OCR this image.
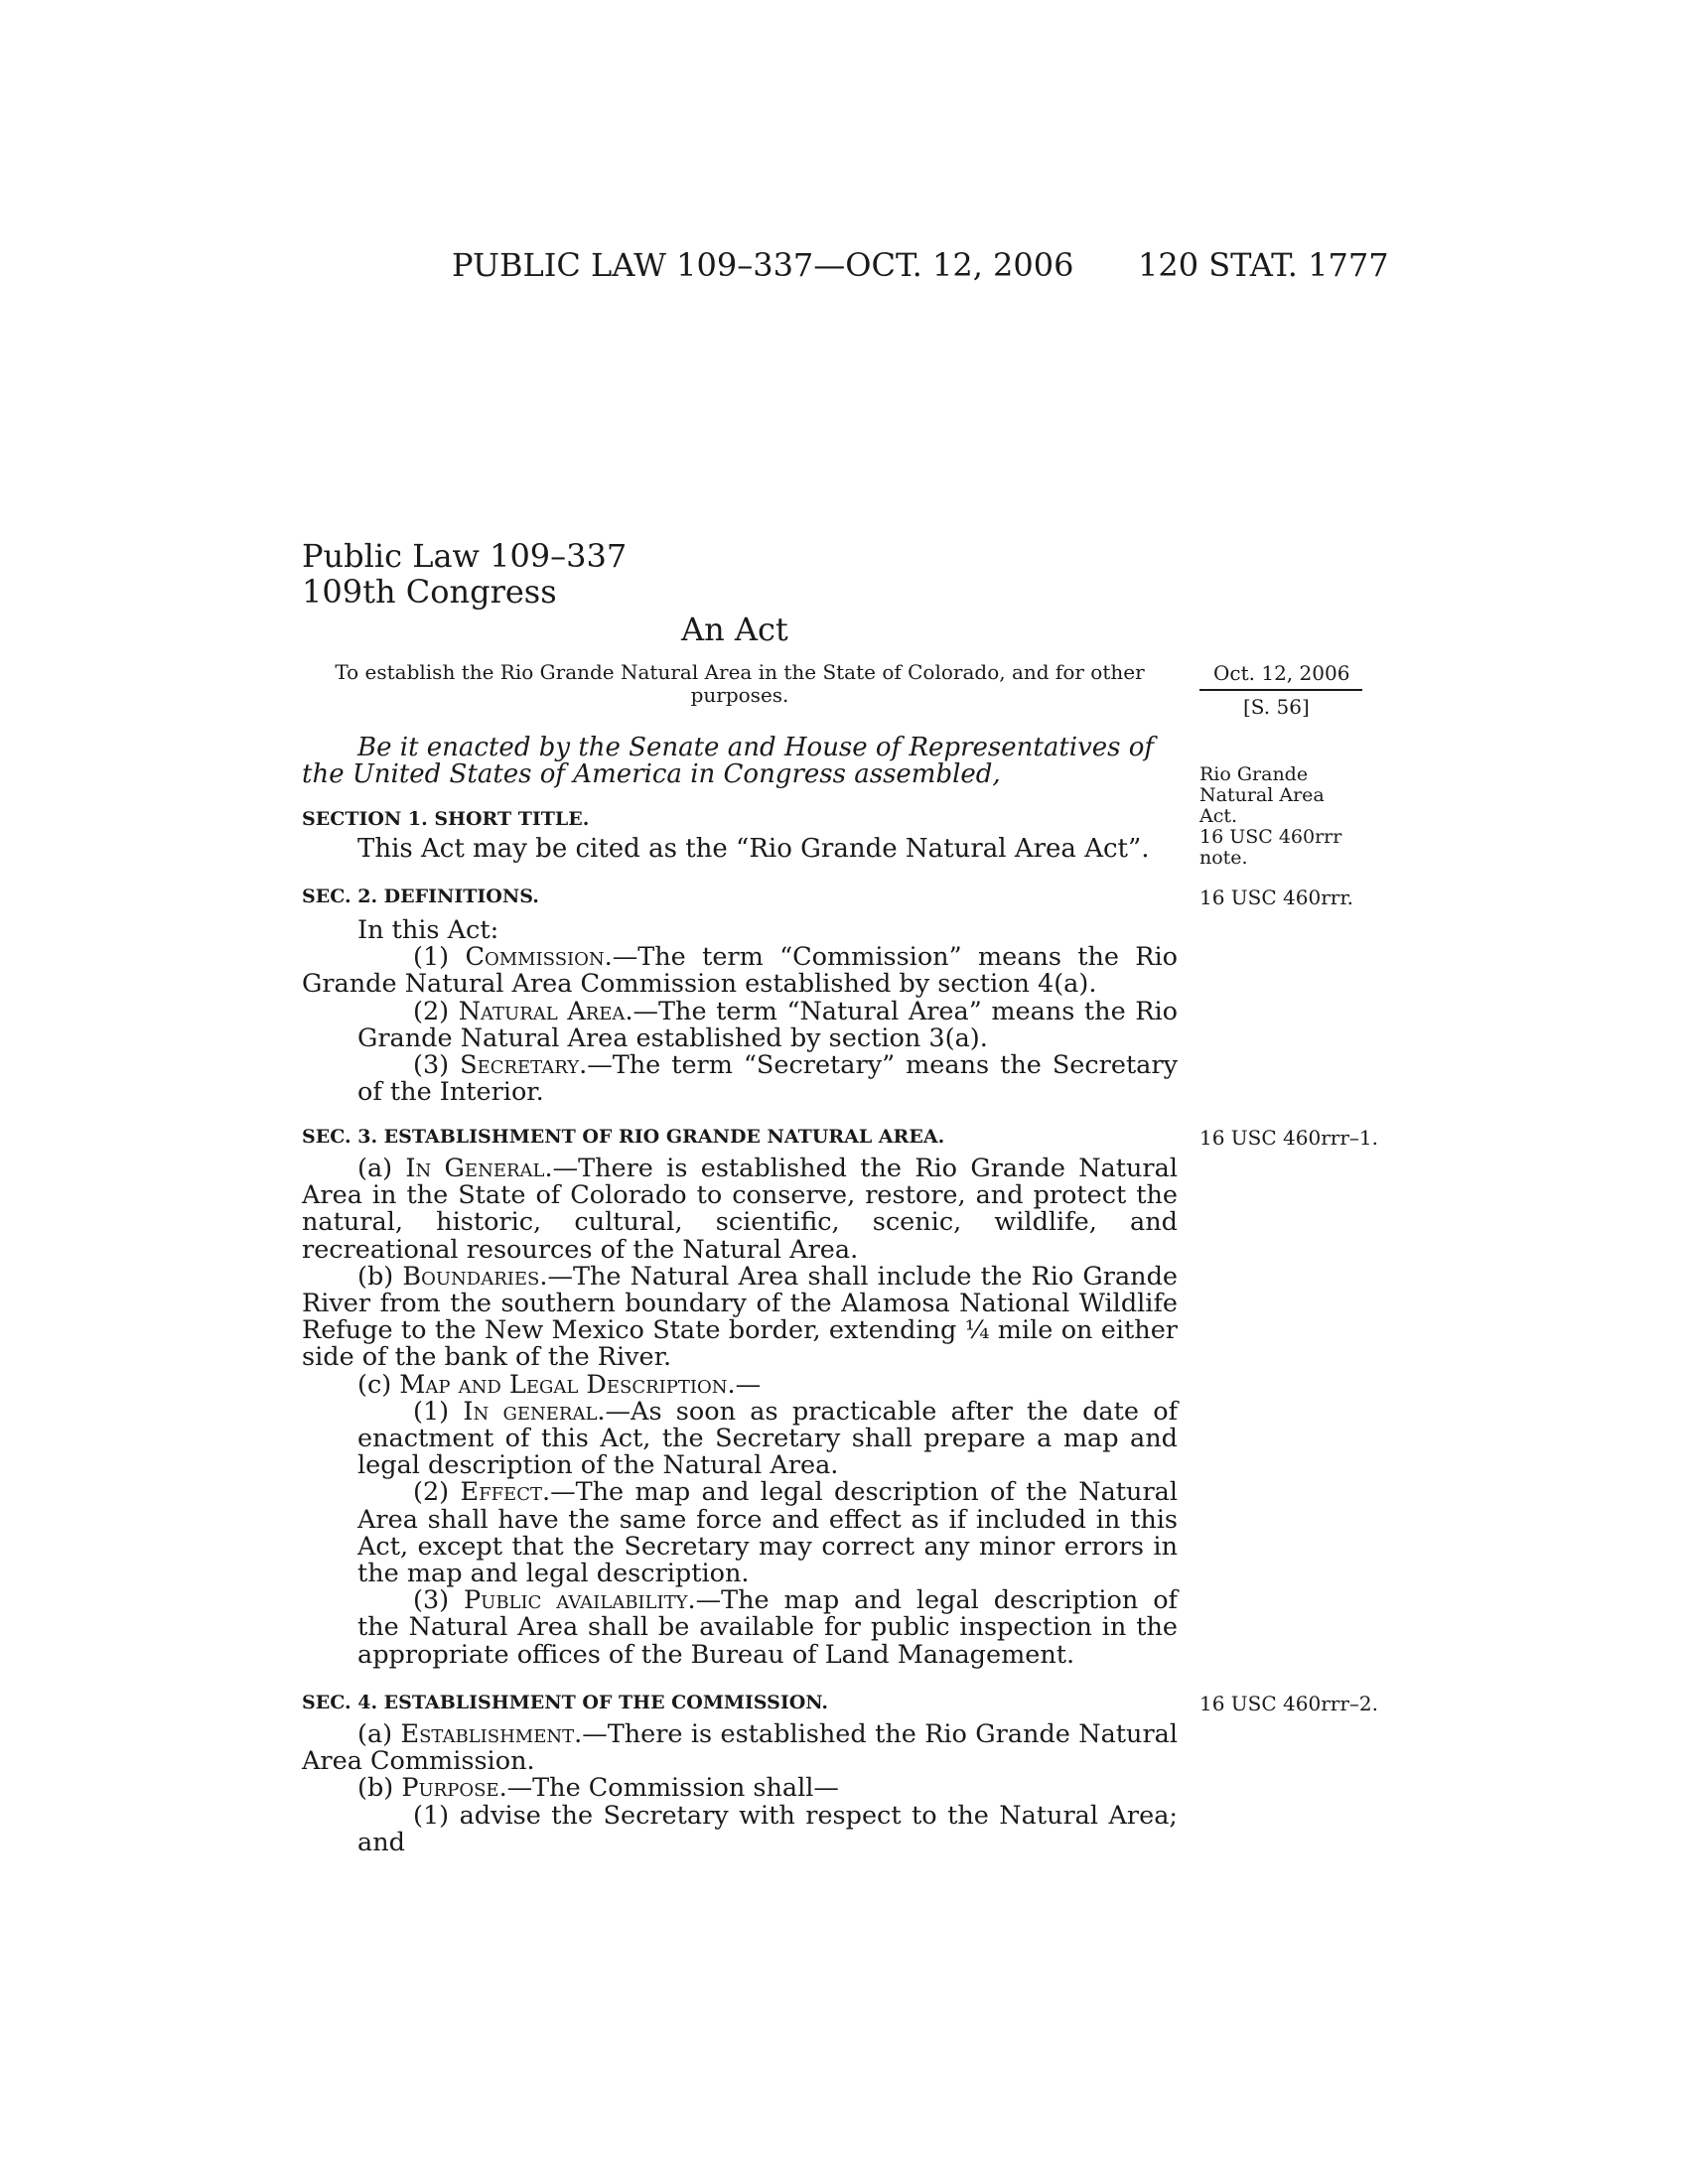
PUBLIC LAW 109–337—OCT. 12, 2006 120 STAT. 1777
Public Law 109–337
109th Congress
An Act
To establish the Rio Grande Natural Area in the State of Colorado, and for other
purposes.
Oct. 12, 2006
[S. 56]
Be it enacted by the Senate and House of Representatives of
the United States of America in Congress assembled,	Rio Grande
Natural Area
Act.
16 USC 460rrr
note.
SECTION 1. SHORT TITLE.
This Act may be cited as the “Rio Grande Natural Area Act”.
SEC. 2. DEFINITIONS.	16 USC 460rrr.

In this Act:

(1) Commission.—The term “Commission” means the Rio Grande Natural Area Commission established by section 4(a).

(2) Natural Area.—The term “Natural Area” means the Rio Grande Natural Area established by section 3(a).

(3) Secretary.—The term “Secretary” means the Secretary of the Interior.

SEC. 3. ESTABLISHMENT OF RIO GRANDE NATURAL AREA.	16 USC 460rrr–1.

(a) In General.—There is established the Rio Grande Natural Area in the State of Colorado to conserve, restore, and protect the natural, historic, cultural, scientific, scenic, wildlife, and recreational resources of the Natural Area.

(b) Boundaries.—The Natural Area shall include the Rio Grande River from the southern boundary of the Alamosa National Wildlife Refuge to the New Mexico State border, extending ¼ mile on either side of the bank of the River.

(c) Map and Legal Description.—

(1) In general.—As soon as practicable after the date of enactment of this Act, the Secretary shall prepare a map and legal description of the Natural Area.

(2) Effect.—The map and legal description of the Natural Area shall have the same force and effect as if included in this Act, except that the Secretary may correct any minor errors in the map and legal description.

(3) Public availability.—The map and legal description of the Natural Area shall be available for public inspection in the appropriate offices of the Bureau of Land Management.

SEC. 4. ESTABLISHMENT OF THE COMMISSION.	16 USC 460rrr–2.

(a) Establishment.—There is established the Rio Grande Natural Area Commission.

(b) Purpose.—The Commission shall—

(1) advise the Secretary with respect to the Natural Area; and
